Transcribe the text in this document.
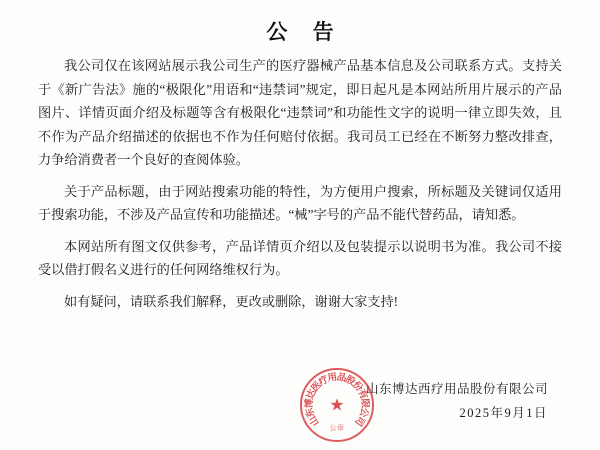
公 告

我公司仅在该网站展示我公司生产的医疗器械产品基本信息及公司联系方式。支持关于《新广告法》施的“极限化”用语和“违禁词”规定，即日起凡是本网站所用片展示的产品图片、详情页面介绍及标题等含有极限化“违禁词”和功能性文字的说明一律立即失效，且不作为产品介绍描述的依据也不作为任何赔付依据。我司员工已经在不断努力整改排查，力争给消费者一个良好的查阅体验。

关于产品标题，由于网站搜索功能的特性，为方便用户搜索，所标题及关键词仅适用于搜索功能，不涉及产品宣传和功能描述。“械”字号的产品不能代替药品，请知悉。

本网站所有图文仅供参考，产品详情页介绍以及包装提示以说明书为准。我公司不接受以借打假名义进行的任何网络维权行为。

如有疑问，请联系我们解释，更改或删除，谢谢大家支持!

山东博达西疗用品股份有限公司
2025年9月1日
山
东
博
达
医
疗
用
品
股
份
有
限
公
司
★
公章
